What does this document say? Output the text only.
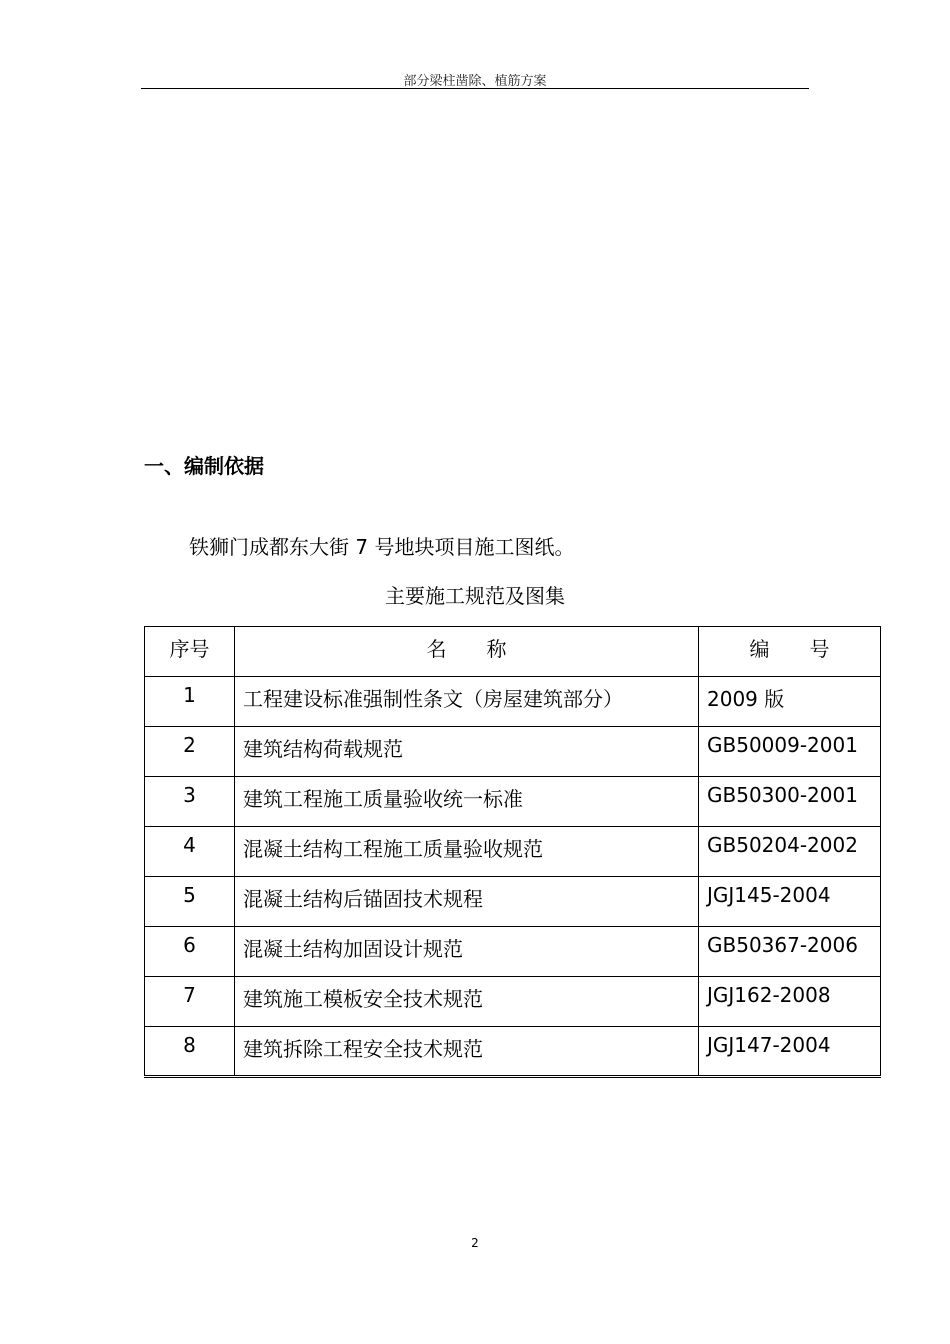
部分梁柱凿除、植筋方案
一、编制依据
铁狮门成都东大街 7 号地块项目施工图纸。
主要施工规范及图集
序号	名　　称	编　　号
1	工程建设标准强制性条文（房屋建筑部分）	2009 版
2	建筑结构荷载规范	GB50009-2001
3	建筑工程施工质量验收统一标准	GB50300-2001
4	混凝土结构工程施工质量验收规范	GB50204-2002
5	混凝土结构后锚固技术规程	JGJ145-2004
6	混凝土结构加固设计规范	GB50367-2006
7	建筑施工模板安全技术规范	JGJ162-2008
8	建筑拆除工程安全技术规范	JGJ147-2004
2
